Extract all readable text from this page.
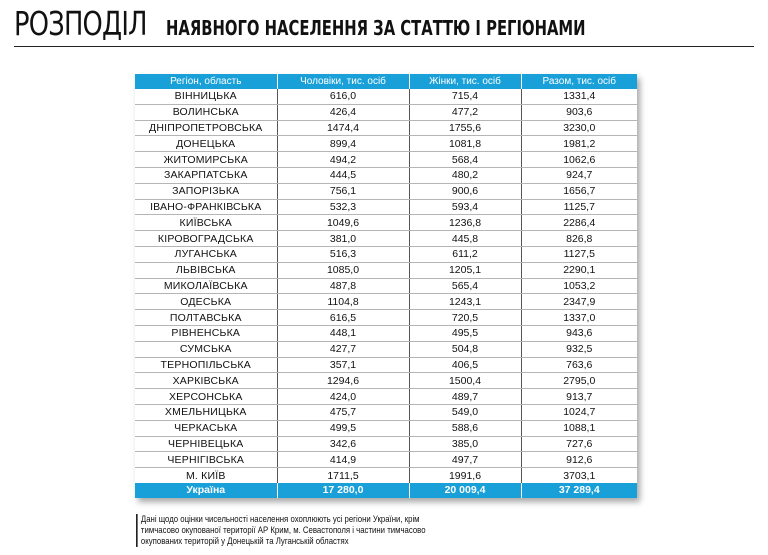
РОЗПОДІЛ НАЯВНОГО НАСЕЛЕННЯ ЗА СТАТТЮ І РЕГІОНАМИ
Регіон, область	Чоловіки, тис. осіб	Жінки, тис. осіб	Разом, тис. осіб
ВІННИЦЬКА	616,0	715,4	1331,4
ВОЛИНСЬКА	426,4	477,2	903,6
ДНІПРОПЕТРОВСЬКА	1474,4	1755,6	3230,0
ДОНЕЦЬКА	899,4	1081,8	1981,2
ЖИТОМИРСЬКА	494,2	568,4	1062,6
ЗАКАРПАТСЬКА	444,5	480,2	924,7
ЗАПОРІЗЬКА	756,1	900,6	1656,7
ІВАНО-ФРАНКІВСЬКА	532,3	593,4	1125,7
КИЇВСЬКА	1049,6	1236,8	2286,4
КІРОВОГРАДСЬКА	381,0	445,8	826,8
ЛУГАНСЬКА	516,3	611,2	1127,5
ЛЬВІВСЬКА	1085,0	1205,1	2290,1
МИКОЛАЇВСЬКА	487,8	565,4	1053,2
ОДЕСЬКА	1104,8	1243,1	2347,9
ПОЛТАВСЬКА	616,5	720,5	1337,0
РІВНЕНСЬКА	448,1	495,5	943,6
СУМСЬКА	427,7	504,8	932,5
ТЕРНОПІЛЬСЬКА	357,1	406,5	763,6
ХАРКІВСЬКА	1294,6	1500,4	2795,0
ХЕРСОНСЬКА	424,0	489,7	913,7
ХМЕЛЬНИЦЬКА	475,7	549,0	1024,7
ЧЕРКАСЬКА	499,5	588,6	1088,1
ЧЕРНІВЕЦЬКА	342,6	385,0	727,6
ЧЕРНІГІВСЬКА	414,9	497,7	912,6
М. КИЇВ	1711,5	1991,6	3703,1
Україна	17 280,0	20 009,4	37 289,4
Дані щодо оцінки чисельності населення охоплюють усі регіони України, крім
тимчасово окупованої території АР Крим, м. Севастополя і частини тимчасово
окупованих територій у Донецькій та Луганській областях
